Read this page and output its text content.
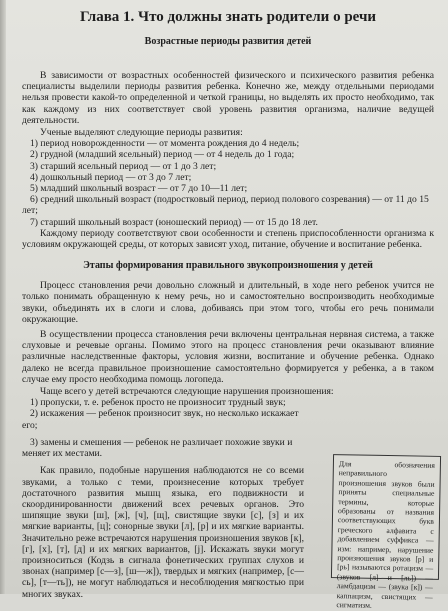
Глава 1. Что должны знать родители о речи
Возрастные периоды развития детей

В зависимости от возрастных особенностей физического и психического развития ребенка специалисты выделили периоды развития ребенка. Конечно же, между отдельными периодами нельзя провести какой-то определенной и четкой границы, но выделять их просто необходимо, так как каждому из них соответствует свой уровень развития организма, наличие ведущей деятельности.

Ученые выделяют следующие периоды развития:

1) период новорожденности — от момента рождения до 4 недель;
2) грудной (младший ясельный) период — от 4 недель до 1 года;
3) старший ясельный период — от 1 до 3 лет;
4) дошкольный период — от 3 до 7 лет;
5) младший школьный возраст — от 7 до 10—11 лет;
6) средний школьный возраст (подростковый период, период полового созревания) — от 11 до 15 лет;
7) старший школьный возраст (юношеский период) — от 15 до 18 лет.

Каждому периоду соответствуют свои особенности и степень приспособленности организма к условиям окружающей среды, от которых зависят уход, питание, обучение и воспитание ребенка.

Этапы формирования правильного звукопроизношения у детей

Процесс становления речи довольно сложный и длительный, в ходе него ребенок учится не только понимать обращенную к нему речь, но и самостоятельно воспроизводить необходимые звуки, объединять их в слоги и слова, добиваясь при этом того, чтобы его речь понимали окружающие.

В осуществлении процесса становления речи включены центральная нервная система, а также слуховые и речевые органы. Помимо этого на процесс становления речи оказывают влияние различные наследственные факторы, условия жизни, воспитание и обучение ребенка. Однако далеко не всегда правильное произношение самостоятельно формируется у ребенка, а в таком случае ему просто необходима помощь логопеда.

Чаще всего у детей встречаются следующие нарушения произношения:

1) пропуски, т. е. ребенок просто не произносит трудный звук;
2) искажения — ребенок произносит звук, но несколько искажает его;
3) замены и смешения — ребенок не различает похожие звуки и меняет их местами.

Как правило, подобные нарушения наблюдаются не со всеми звуками, а только с теми, произнесение которых требует достаточного развития мышц языка, его подвижности и скоординированности движений всех речевых органов. Это шипящие звуки [ш], [ж], [ч], [щ], свистящие звуки [с], [з] и их мягкие варианты, [ц]; сонорные звуки [л], [р] и их мягкие варианты. Значительно реже встречаются нарушения произношения звуков [к], [г], [х], [т], [д] и их мягких вариантов, [j]. Искажать звуки могут произноситься (Кодзь в сигнала фонетических группах слухов и звонах (например [с—з], [ш—ж]), твердых и мягких (например, [с—сь], [т—ть]), не могут наблюдаться и несоблюдения мягкостью при многих звуках.

Для обозначения неправильного произношения звуков были приняты специальные термины, которые образованы от названия соответствующих букв греческого алфавита с добавлением суффикса — изм: например, нарушение произношения звуков [р] и [рь] называются ротацизм — (звуков [л] и [ль]) — ламбдацизм — (звука [к]) — каппацизм, свистящих — сигматизм.
